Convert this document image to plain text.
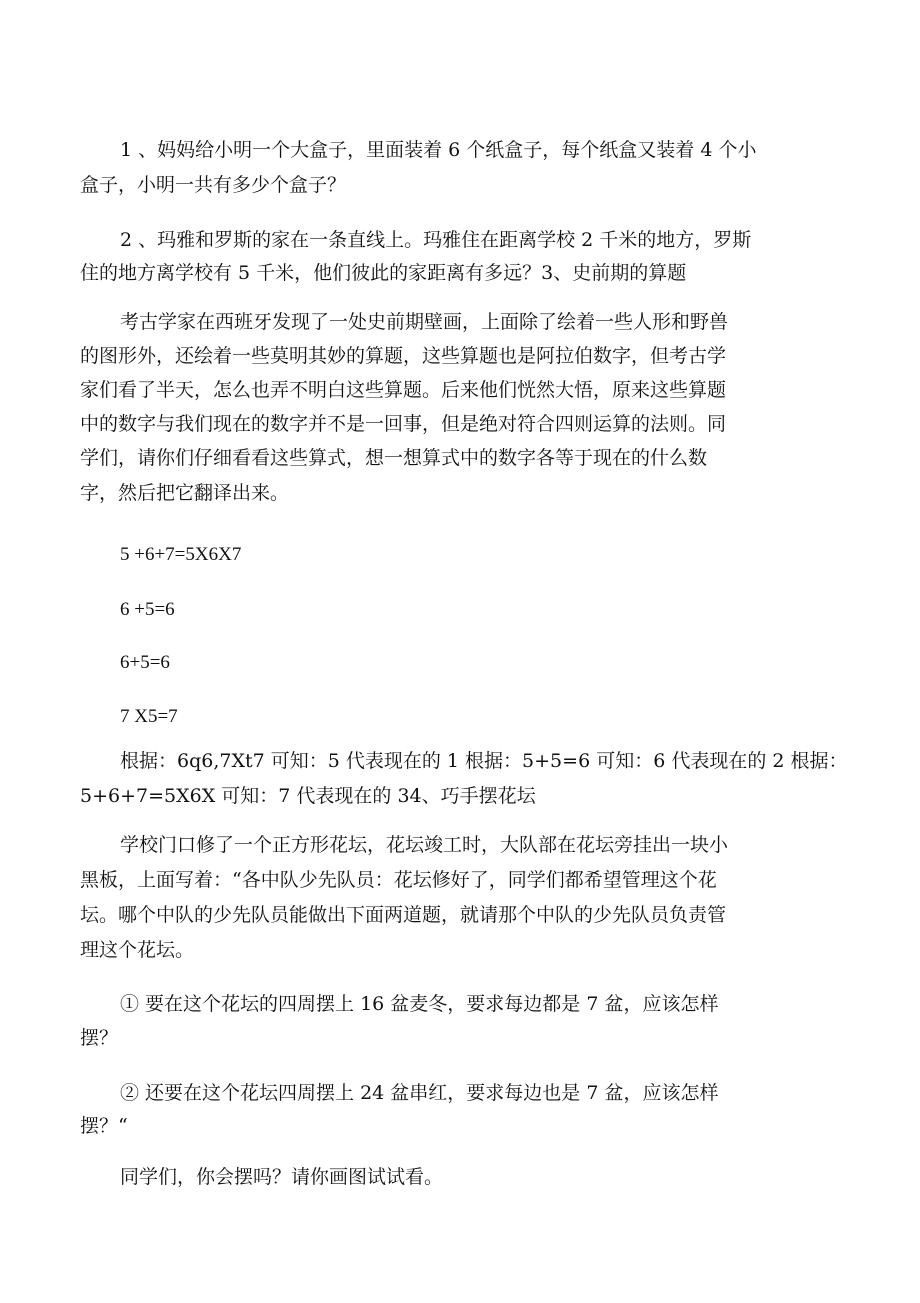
1 、妈妈给小明一个大盒子，里面装着 6 个纸盒子，每个纸盒又装着 4 个小
盒子，小明一共有多少个盒子？
2 、玛雅和罗斯的家在一条直线上。玛雅住在距离学校 2 千米的地方，罗斯
住的地方离学校有 5 千米，他们彼此的家距离有多远？3、史前期的算题
考古学家在西班牙发现了一处史前期壁画，上面除了绘着一些人形和野兽
的图形外，还绘着一些莫明其妙的算题，这些算题也是阿拉伯数字，但考古学
家们看了半天，怎么也弄不明白这些算题。后来他们恍然大悟，原来这些算题
中的数字与我们现在的数字并不是一回事，但是绝对符合四则运算的法则。同
学们，请你们仔细看看这些算式，想一想算式中的数字各等于现在的什么数
字，然后把它翻译出来。
5 +6+7=5X6X7
6 +5=6
6+5=6
7 X5=7
根据：6q6,7Xt7 可知：5 代表现在的 1 根据：5+5=6 可知：6 代表现在的 2 根据：
5+6+7=5X6X 可知：7 代表现在的 34、巧手摆花坛
学校门口修了一个正方形花坛，花坛竣工时，大队部在花坛旁挂出一块小
黑板，上面写着：“各中队少先队员：花坛修好了，同学们都希望管理这个花
坛。哪个中队的少先队员能做出下面两道题，就请那个中队的少先队员负责管
理这个花坛。
① 要在这个花坛的四周摆上 16 盆麦冬，要求每边都是 7 盆，应该怎样
摆？
② 还要在这个花坛四周摆上 24 盆串红，要求每边也是 7 盆，应该怎样
摆？“
同学们，你会摆吗？请你画图试试看。
